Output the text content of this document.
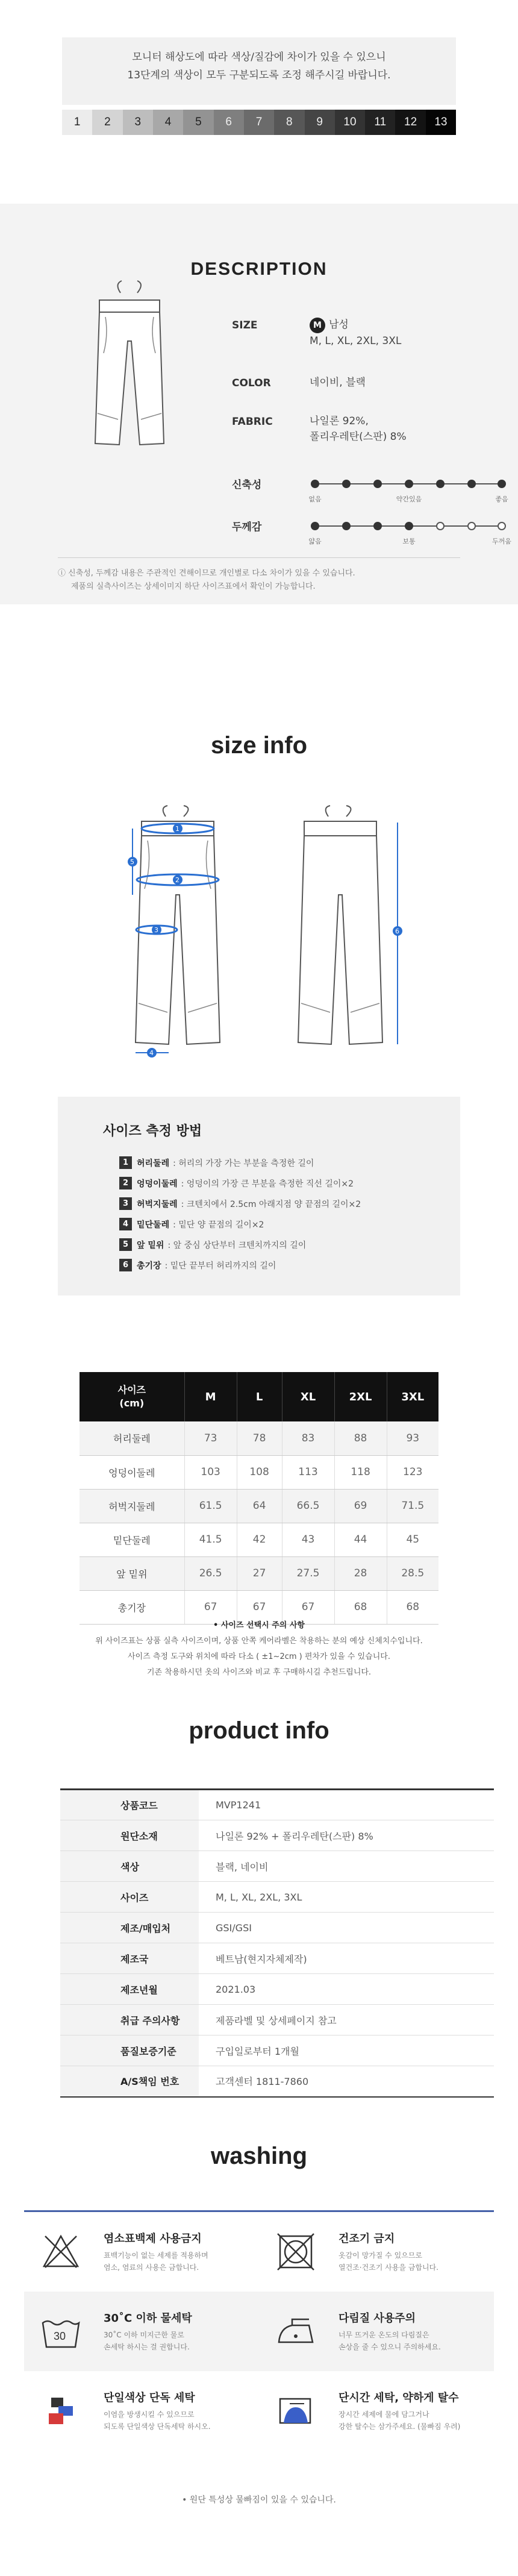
모니터 해상도에 따라 색상/질감에 차이가 있을 수 있으니

13단계의 색상이 모두 구분되도록 조정 해주시길 바랍니다.

1	2	3	4	5	6	7	8	9	10	11	12	13
DESCRIPTION
SIZE	M 남성
M, L, XL, 2XL, 3XL
COLOR	네이비, 블랙
FABRIC	나일론 92%,
폴리우레탄(스판) 8%
신축성
없음	약간있음	좋음
두께감
얇음	보통	두꺼움
ⓘ 신축성, 두께감 내용은 주관적인 견해이므로 개인별로 다소 차이가 있을 수 있습니다.
제품의 실측사이즈는 상세이미지 하단 사이즈표에서 확인이 가능합니다.
size info
1
2
3
4
5
6
사이즈 측정 방법
1 허리둘레 : 허리의 가장 가는 부분을 측정한 길이
2 엉덩이둘레 : 엉덩이의 가장 큰 부분을 측정한 직선 길이×2
3 허벅지둘레 : 크텐치에서 2.5cm 아래지점 양 끝점의 길이×2
4 밑단둘레 : 밑단 양 끝점의 길이×2
5 앞 밑위 : 앞 중심 상단부터 크텐치까지의 길이
6 총기장 : 밑단 끝부터 허리까지의 길이
사이즈
(cm)	M	L	XL	2XL	3XL
허리둘레	73	78	83	88	93
엉덩이둘레	103	108	113	118	123
허벅지둘레	61.5	64	66.5	69	71.5
밑단둘레	41.5	42	43	44	45
앞 밑위	26.5	27	27.5	28	28.5
총기장	67	67	67	68	68
• 사이즈 선택시 주의 사항
위 사이즈표는 상품 실측 사이즈이며, 상품 안쪽 케어라벨은 착용하는 분의 예상 신체치수입니다.
사이즈 측정 도구와 위치에 따라 다소 ( ±1~2cm ) 편차가 있을 수 있습니다.
기존 착용하시던 옷의 사이즈와 비교 후 구매하시길 추천드립니다.
product info
상품코드	MVP1241
원단소재	나일론 92% + 폴리우레탄(스판) 8%
색상	블랙, 네이비
사이즈	M, L, XL, 2XL, 3XL
제조/매입처	GSI/GSI
제조국	베트남(현지자체제작)
제조년월	2021.03
취급 주의사항	제품라벨 및 상세페이지 참고
품질보증기준	구입일로부터 1개월
A/S책임 번호	고객센터 1811-7860
washing
염소표백제 사용금지
표백기능이 없는 세제를 적용하며
염소, 염료의 사용은 금합니다.
건조기 금지
옷감이 망가질 수 있으므로
열건조·건조기 사용을 금합니다.
30
30˚C 이하 물세탁
30˚C 이하 미지근한 물로
손세탁 하시는 걸 권합니다.
다림질 사용주의
너무 뜨거운 온도의 다림질은
손상을 줄 수 있으니 주의하세요.
단일색상 단독 세탁
이염을 방생시킬 수 있으므로
되도록 단일색상 단독세탁 하시오.
단시간 세탁, 약하게 탈수
장시간 세제에 물에 담그거나
강한 탈수는 삼가주세요. (물빠짐 우려)
• 원단 특성상 물빠짐이 있을 수 있습니다.
